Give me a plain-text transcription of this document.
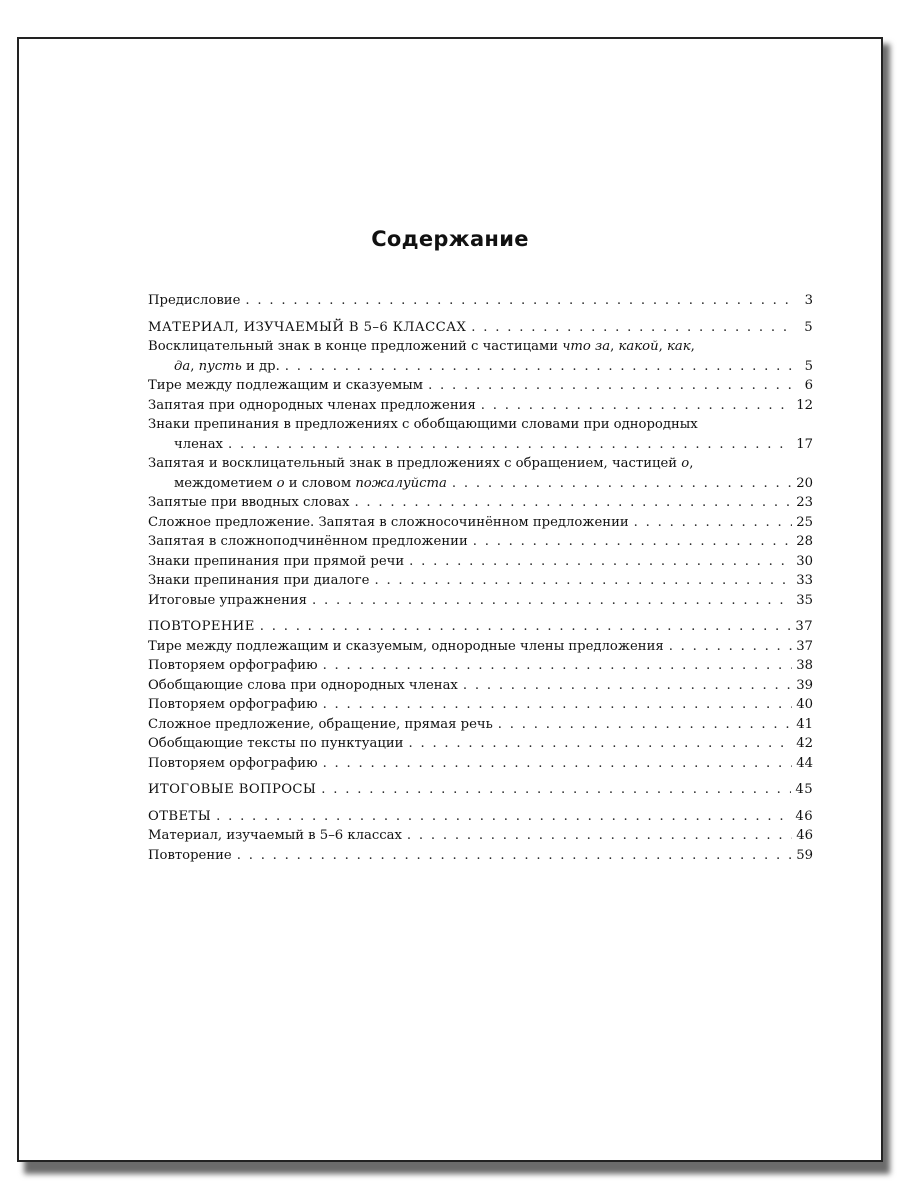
Содержание
Предисловие . . .	3
МАТЕРИАЛ, ИЗУЧАЕМЫЙ В 5–6 КЛАССАХ . . .	5
Восклицательный знак в конце предложений с частицами что за, какой, как,
да, пусть и др. . . .	5
Тире между подлежащим и сказуемым . . .	6
Запятая при однородных членах предложения . . .	12
Знаки препинания в предложениях с обобщающими словами при однородных
членах . . .	17
Запятая и восклицательный знак в предложениях с обращением, частицей о,
междометием о и словом пожалуйста . . .	20
Запятые при вводных словах . . .	23
Сложное предложение. Запятая в сложносочинённом предложении . . .	25
Запятая в сложноподчинённом предложении . . .	28
Знаки препинания при прямой речи . . .	30
Знаки препинания при диалоге . . .	33
Итоговые упражнения . . .	35
ПОВТОРЕНИЕ . . .	37
Тире между подлежащим и сказуемым, однородные члены предложения . . .	37
Повторяем орфографию . . .	38
Обобщающие слова при однородных членах . . .	39
Повторяем орфографию . . .	40
Сложное предложение, обращение, прямая речь . . .	41
Обобщающие тексты по пунктуации . . .	42
Повторяем орфографию . . .	44
ИТОГОВЫЕ ВОПРОСЫ . . .	45
ОТВЕТЫ . . .	46
Материал, изучаемый в 5–6 классах . . .	46
Повторение . . .	59
